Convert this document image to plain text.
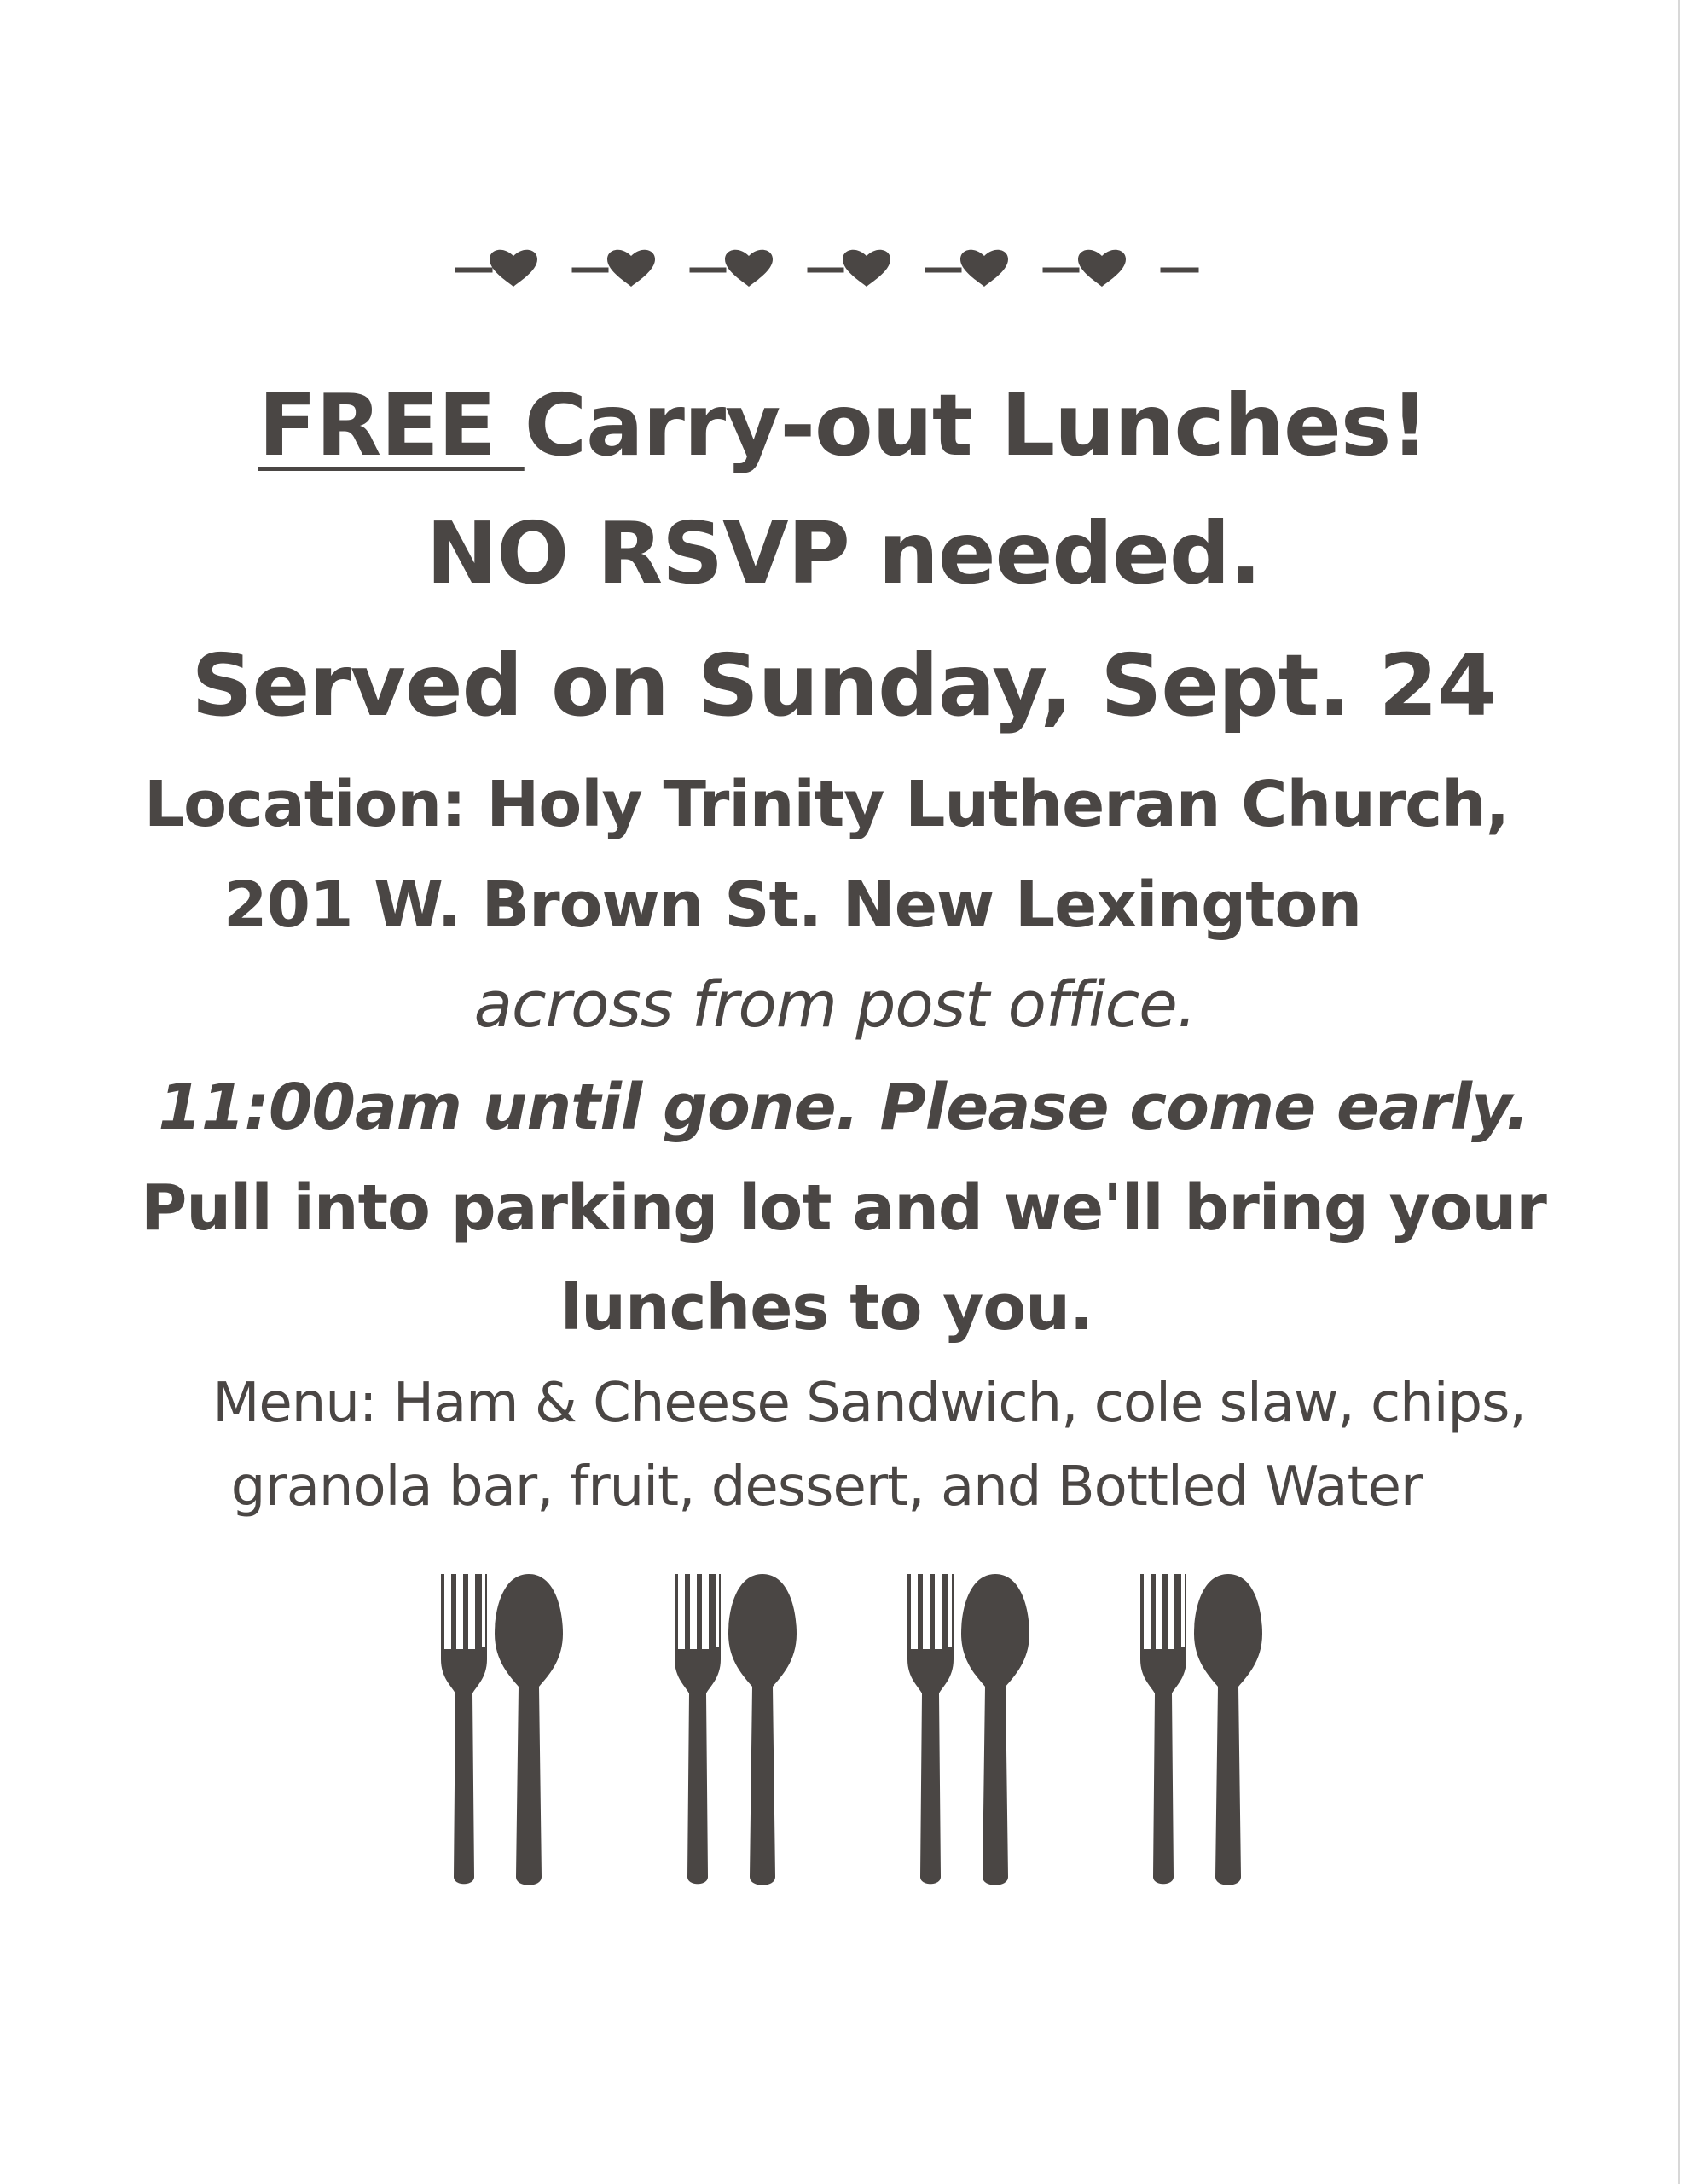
FREE Carry-out Lunches!
NO RSVP needed.
Served on Sunday, Sept. 24
Location: Holy Trinity Lutheran Church,
201 W. Brown St. New Lexington
across from post office.
11:00am until gone. Please come early.
Pull into parking lot and we'll bring your
lunches to you.
Menu: Ham & Cheese Sandwich, cole slaw, chips,
granola bar, fruit, dessert, and Bottled Water
